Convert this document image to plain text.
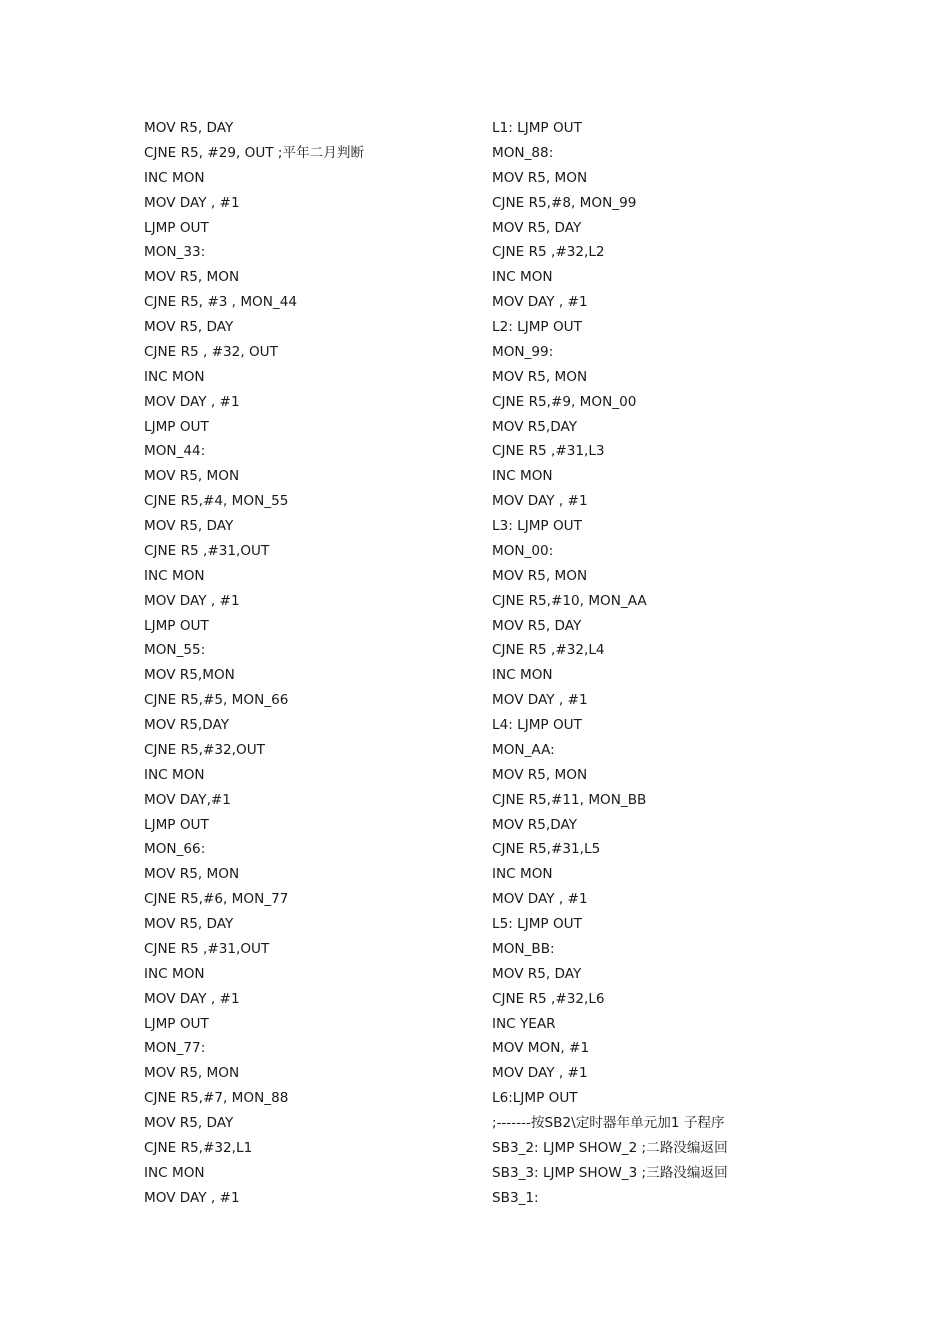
MOV R5, DAY
CJNE R5, #29, OUT ;平年二月判断
INC MON
MOV DAY , #1
LJMP OUT
MON_33:
MOV R5, MON
CJNE R5, #3 , MON_44
MOV R5, DAY
CJNE R5 , #32, OUT
INC MON
MOV DAY , #1
LJMP OUT
MON_44:
MOV R5, MON
CJNE R5,#4, MON_55
MOV R5, DAY
CJNE R5 ,#31,OUT
INC MON
MOV DAY , #1
LJMP OUT
MON_55:
MOV R5,MON
CJNE R5,#5, MON_66
MOV R5,DAY
CJNE R5,#32,OUT
INC MON
MOV DAY,#1
LJMP OUT
MON_66:
MOV R5, MON
CJNE R5,#6, MON_77
MOV R5, DAY
CJNE R5 ,#31,OUT
INC MON
MOV DAY , #1
LJMP OUT
MON_77:
MOV R5, MON
CJNE R5,#7, MON_88
MOV R5, DAY
CJNE R5,#32,L1
INC MON
MOV DAY , #1
L1: LJMP OUT
MON_88:
MOV R5, MON
CJNE R5,#8, MON_99
MOV R5, DAY
CJNE R5 ,#32,L2
INC MON
MOV DAY , #1
L2: LJMP OUT
MON_99:
MOV R5, MON
CJNE R5,#9, MON_00
MOV R5,DAY
CJNE R5 ,#31,L3
INC MON
MOV DAY , #1
L3: LJMP OUT
MON_00:
MOV R5, MON
CJNE R5,#10, MON_AA
MOV R5, DAY
CJNE R5 ,#32,L4
INC MON
MOV DAY , #1
L4: LJMP OUT
MON_AA:
MOV R5, MON
CJNE R5,#11, MON_BB
MOV R5,DAY
CJNE R5,#31,L5
INC MON
MOV DAY , #1
L5: LJMP OUT
MON_BB:
MOV R5, DAY
CJNE R5 ,#32,L6
INC YEAR
MOV MON, #1
MOV DAY , #1
L6:LJMP OUT
;-------按SB2\定时器年单元加1 子程序
SB3_2: LJMP SHOW_2 ;二路没编返回
SB3_3: LJMP SHOW_3 ;三路没编返回
SB3_1:
